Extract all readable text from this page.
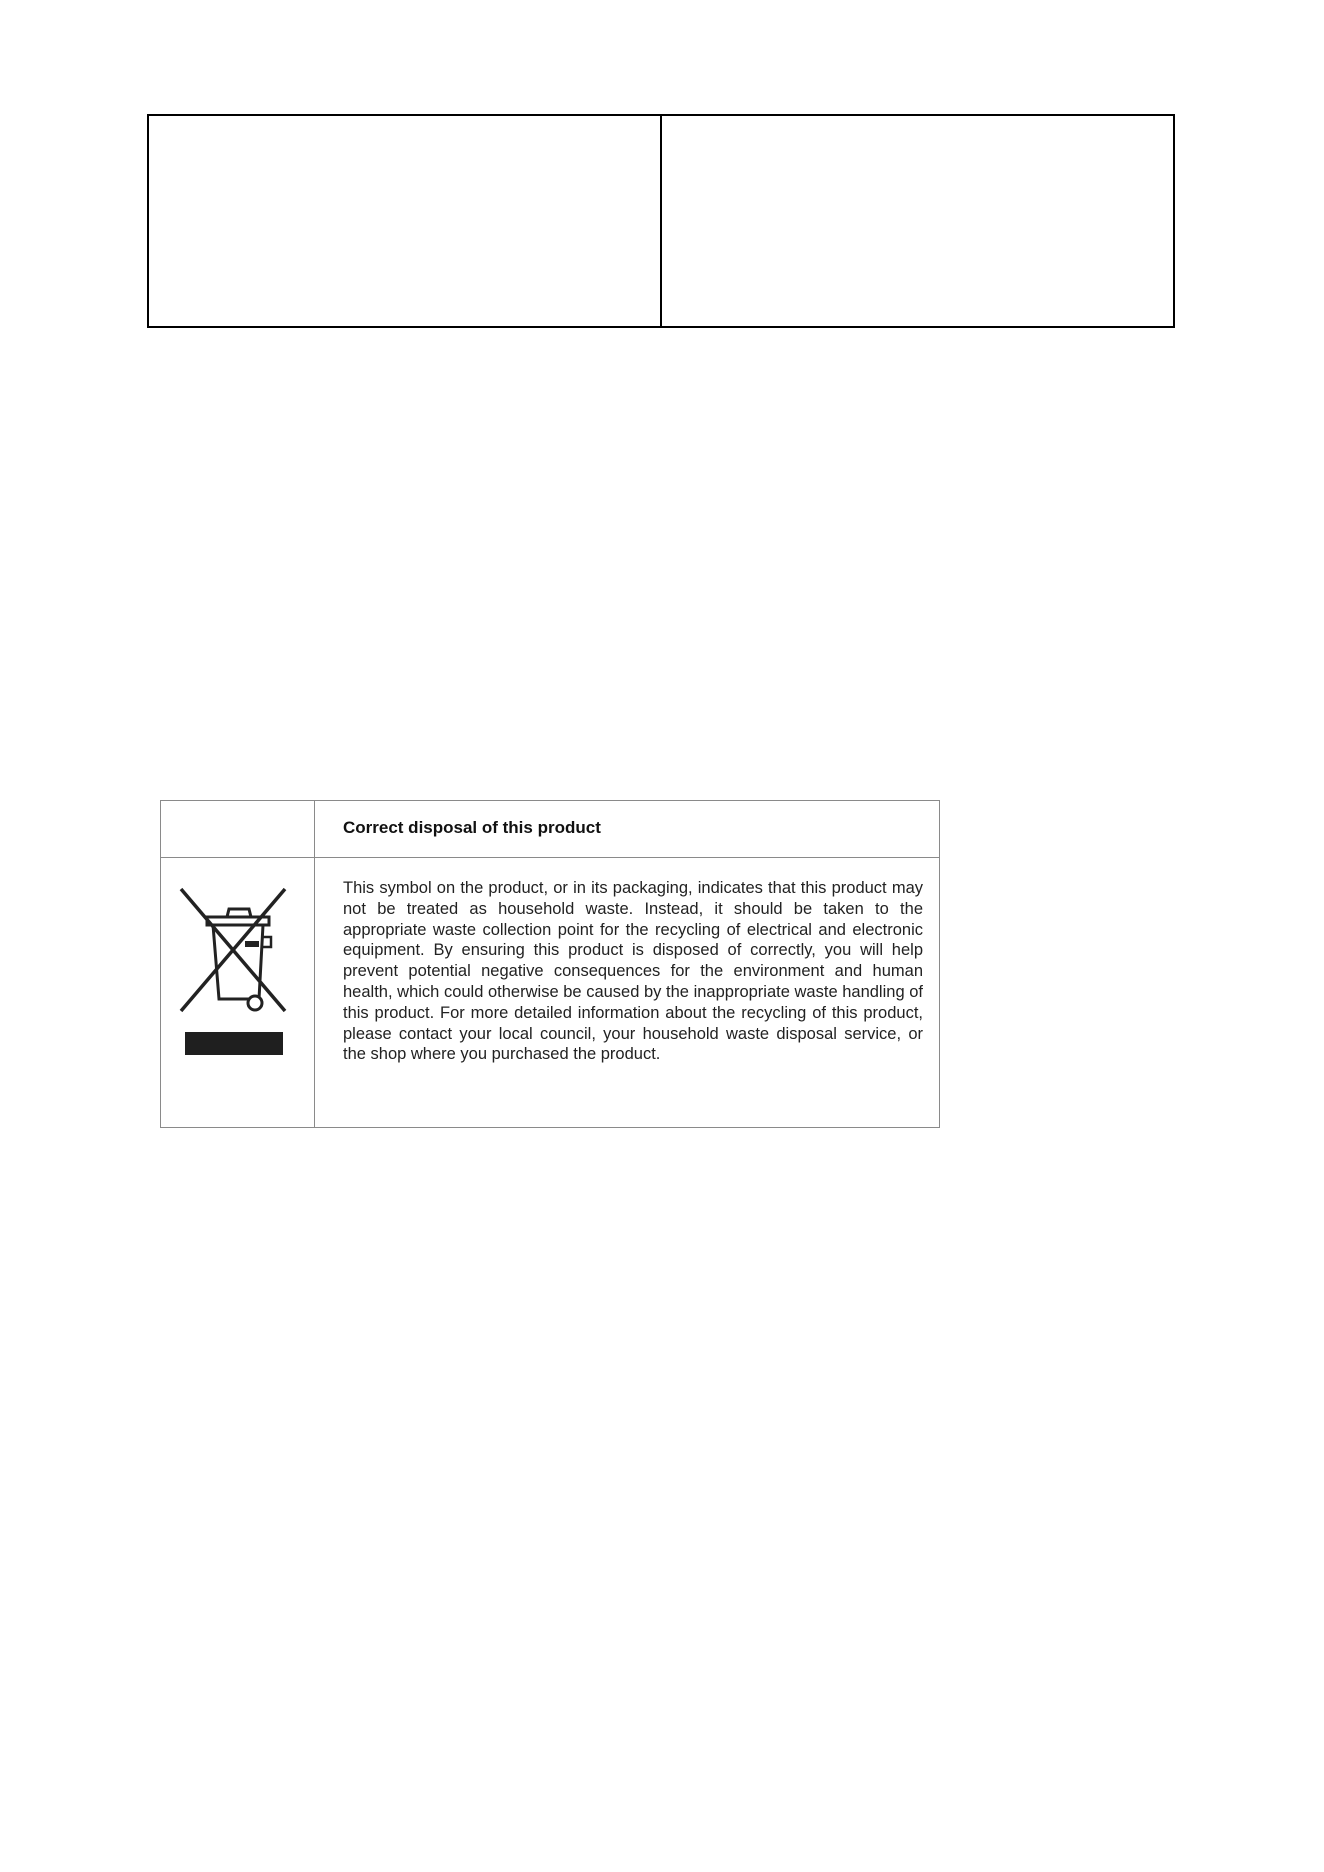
Correct disposal of this product
This symbol on the product, or in its packaging, indicates that this product may not be treated as household waste. Instead, it should be taken to the appropriate waste collection point for the recycling of electrical and electronic equipment. By ensuring this product is disposed of correctly, you will help prevent potential negative consequences for the environment and human health, which could otherwise be caused by the inappropriate waste handling of this product. For more detailed information about the recycling of this product, please contact your local council, your household waste disposal service, or the shop where you purchased the product.
